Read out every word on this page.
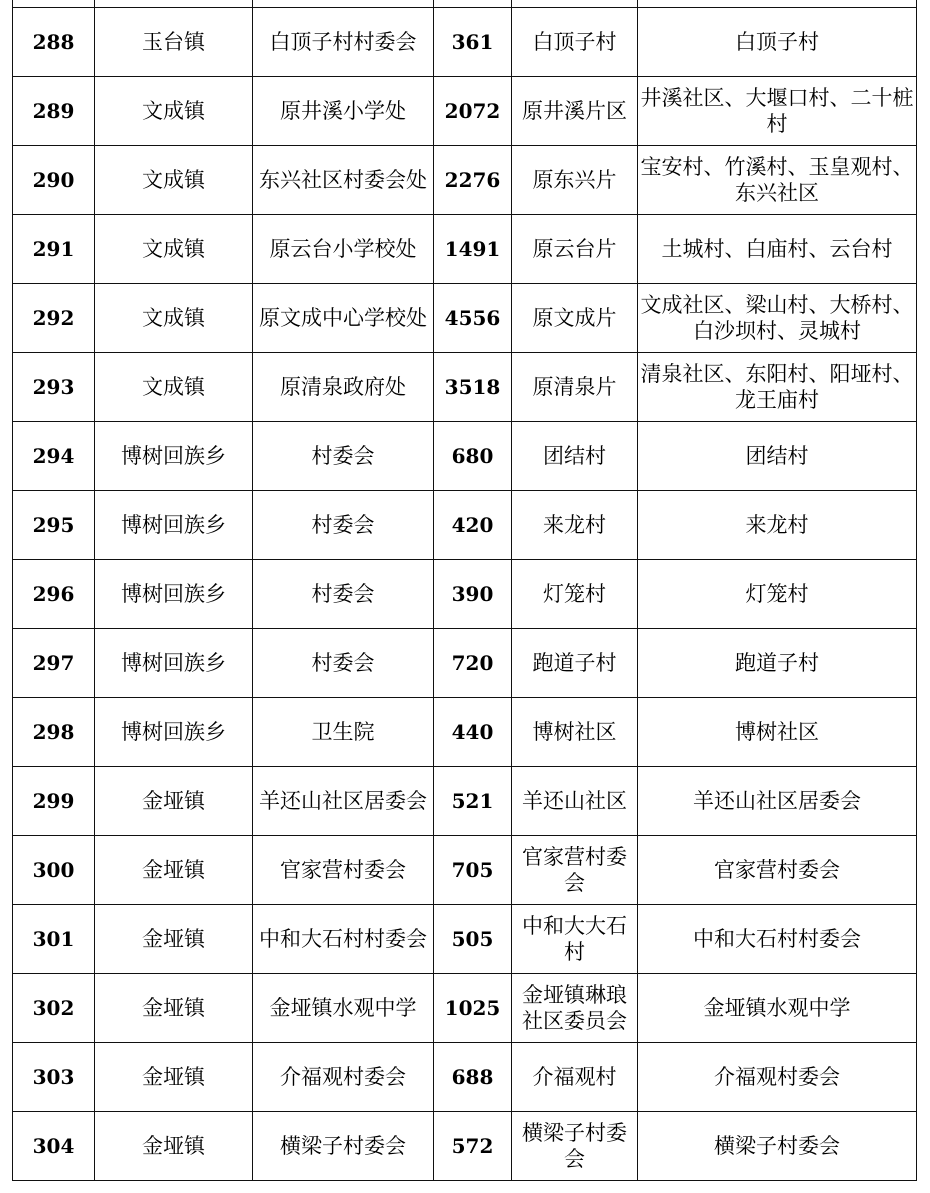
288	玉台镇	白顶子村村委会	361	白顶子村	白顶子村
289	文成镇	原井溪小学处	2072	原井溪片区	井溪社区、大堰口村、二十桩村
290	文成镇	东兴社区村委会处	2276	原东兴片	宝安村、竹溪村、玉皇观村、东兴社区
291	文成镇	原云台小学校处	1491	原云台片	土城村、白庙村、云台村
292	文成镇	原文成中心学校处	4556	原文成片	文成社区、梁山村、大桥村、白沙坝村、灵城村
293	文成镇	原清泉政府处	3518	原清泉片	清泉社区、东阳村、阳垭村、龙王庙村
294	博树回族乡	村委会	680	团结村	团结村
295	博树回族乡	村委会	420	来龙村	来龙村
296	博树回族乡	村委会	390	灯笼村	灯笼村
297	博树回族乡	村委会	720	跑道子村	跑道子村
298	博树回族乡	卫生院	440	博树社区	博树社区
299	金垭镇	羊还山社区居委会	521	羊还山社区	羊还山社区居委会
300	金垭镇	官家营村委会	705	官家营村委会	官家营村委会
301	金垭镇	中和大石村村委会	505	中和大大石村	中和大石村村委会
302	金垭镇	金垭镇水观中学	1025	金垭镇琳琅社区委员会	金垭镇水观中学
303	金垭镇	介福观村委会	688	介福观村	介福观村委会
304	金垭镇	横梁子村委会	572	横梁子村委会	横梁子村委会
